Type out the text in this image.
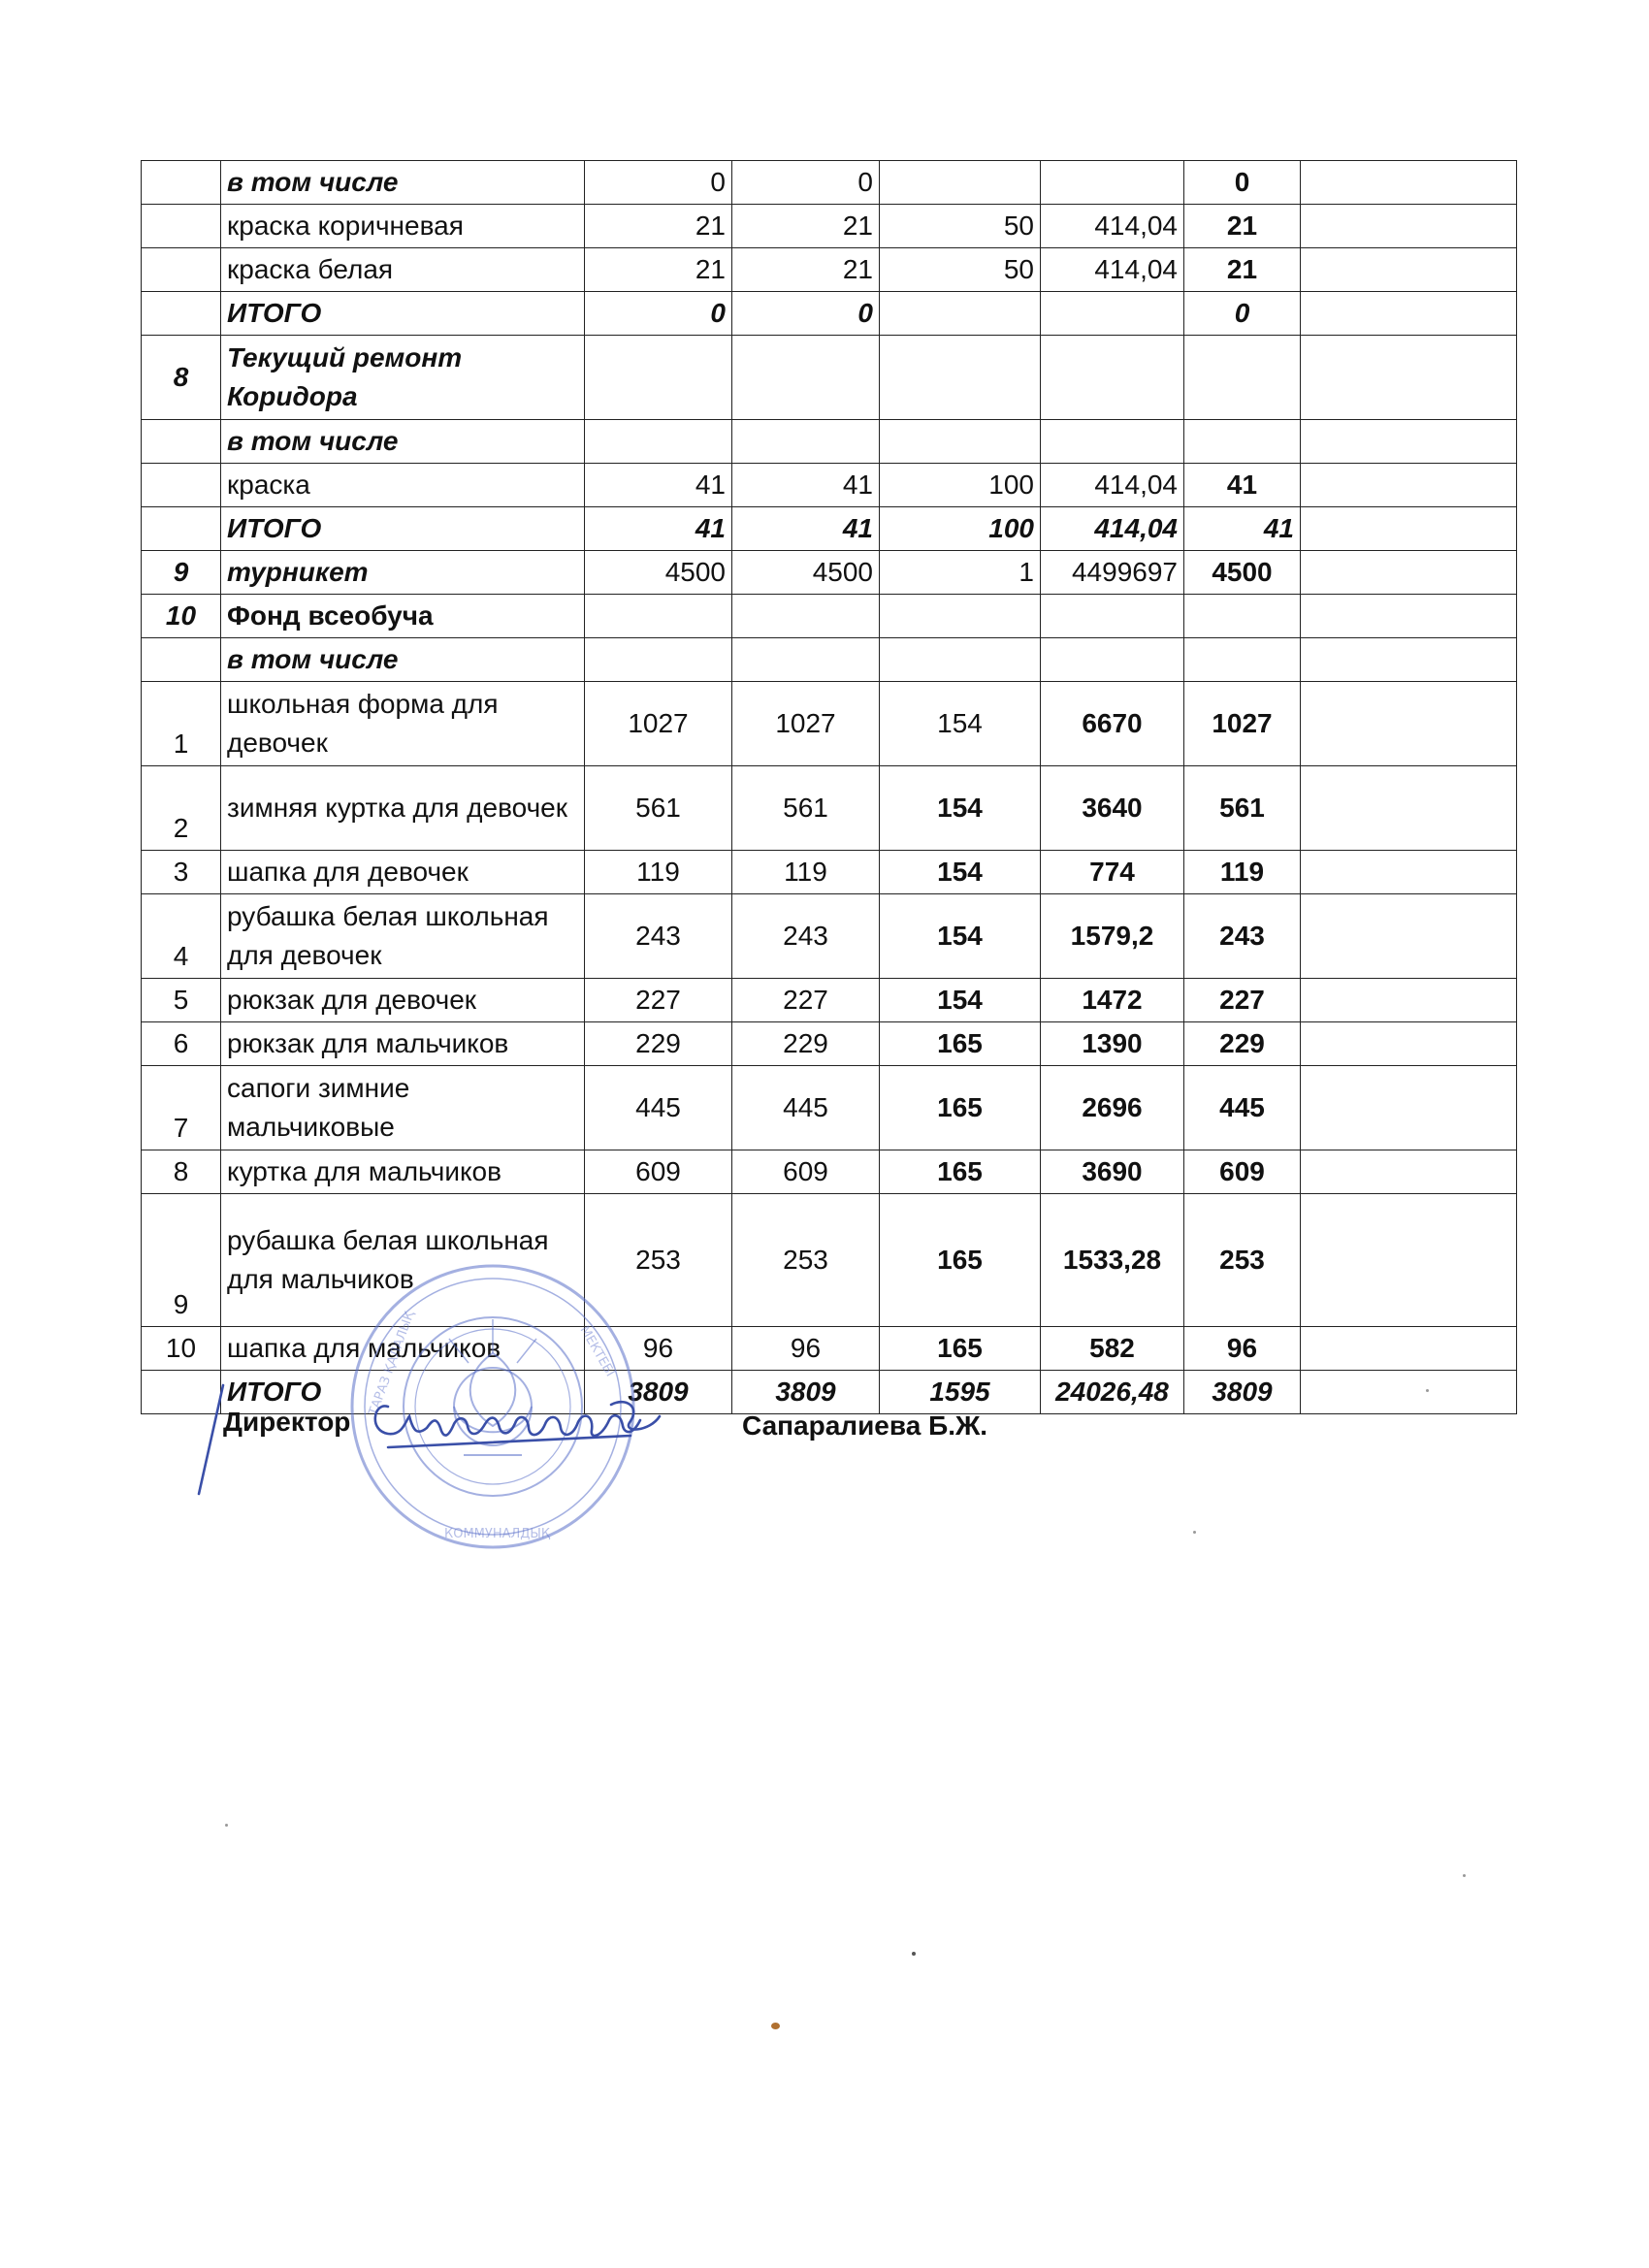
	в том числе	0	0			0	
	краска коричневая	21	21	50	414,04	21	
	краска белая	21	21	50	414,04	21	
	ИТОГО	0	0			0	
8	Текущий ремонт Коридора						
	в том числе						
	краска	41	41	100	414,04	41	
	ИТОГО	41	41	100	414,04	41	
9	турникет	4500	4500	1	4499697	4500	
10	Фонд всеобуча						
	в том числе						
1	школьная форма для девочек	1027	1027	154	6670	1027	
2	зимняя куртка для девочек	561	561	154	3640	561	
3	шапка для девочек	119	119	154	774	119	
4	рубашка белая школьная для девочек	243	243	154	1579,2	243	
5	рюкзак для девочек	227	227	154	1472	227	
6	рюкзак для мальчиков	229	229	165	1390	229	
7	сапоги зимние мальчиковые	445	445	165	2696	445	
8	куртка для мальчиков	609	609	165	3690	609	
9	рубашка белая школьная для мальчиков	253	253	165	1533,28	253	
10	шапка для мальчиков	96	96	165	582	96	
	ИТОГО	3809	3809	1595	24026,48	3809	
ТАРАЗ ҚАЛАЛЫҚ	МЕКТЕБІ
КОММУНАЛДЫҚ
Директор	Сапаралиева Б.Ж.
